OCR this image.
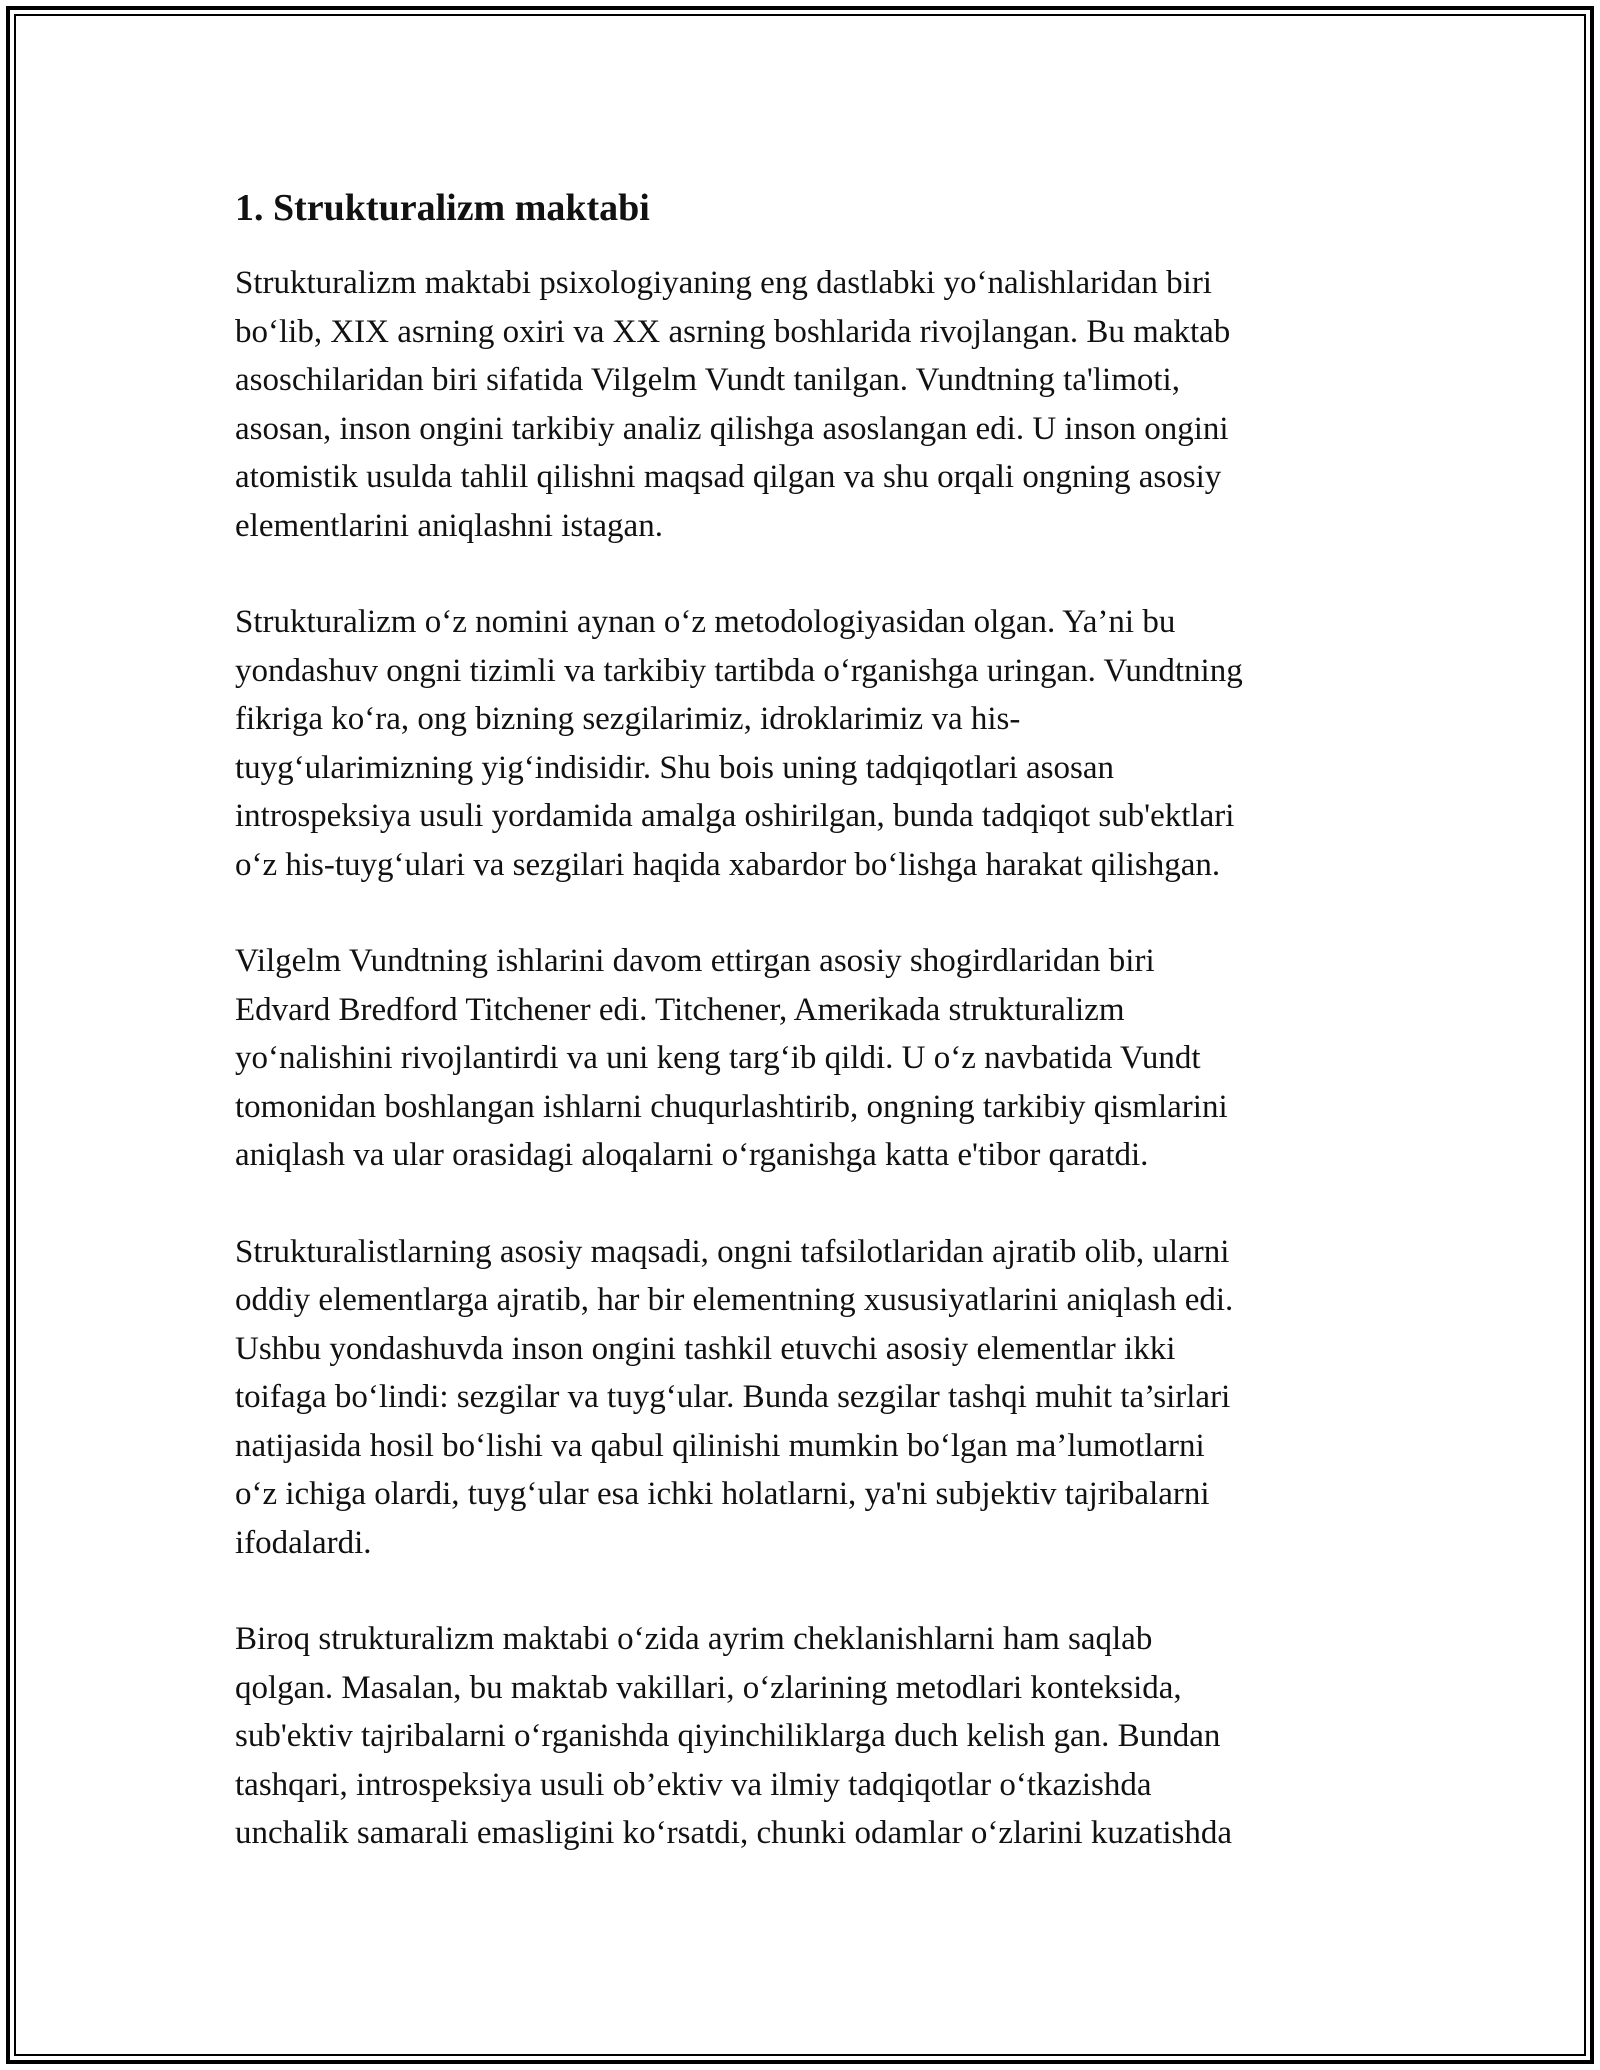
1. Strukturalizm maktabi
Strukturalizm maktabi psixologiyaning eng dastlabki yo‘nalishlaridan biri
bo‘lib, XIX asrning oxiri va XX asrning boshlarida rivojlangan. Bu maktab
asoschilaridan biri sifatida Vilgelm Vundt tanilgan. Vundtning ta'limoti,
asosan, inson ongini tarkibiy analiz qilishga asoslangan edi. U inson ongini
atomistik usulda tahlil qilishni maqsad qilgan va shu orqali ongning asosiy
elementlarini aniqlashni istagan.
Strukturalizm o‘z nomini aynan o‘z metodologiyasidan olgan. Ya’ni bu
yondashuv ongni tizimli va tarkibiy tartibda o‘rganishga uringan. Vundtning
fikriga ko‘ra, ong bizning sezgilarimiz, idroklarimiz va his-
tuyg‘ularimizning yig‘indisidir. Shu bois uning tadqiqotlari asosan
introspeksiya usuli yordamida amalga oshirilgan, bunda tadqiqot sub'ektlari
o‘z his-tuyg‘ulari va sezgilari haqida xabardor bo‘lishga harakat qilishgan.
Vilgelm Vundtning ishlarini davom ettirgan asosiy shogirdlaridan biri
Edvard Bredford Titchener edi. Titchener, Amerikada strukturalizm
yo‘nalishini rivojlantirdi va uni keng targ‘ib qildi. U o‘z navbatida Vundt
tomonidan boshlangan ishlarni chuqurlashtirib, ongning tarkibiy qismlarini
aniqlash va ular orasidagi aloqalarni o‘rganishga katta e'tibor qaratdi.
Strukturalistlarning asosiy maqsadi, ongni tafsilotlaridan ajratib olib, ularni
oddiy elementlarga ajratib, har bir elementning xususiyatlarini aniqlash edi.
Ushbu yondashuvda inson ongini tashkil etuvchi asosiy elementlar ikki
toifaga bo‘lindi: sezgilar va tuyg‘ular. Bunda sezgilar tashqi muhit ta’sirlari
natijasida hosil bo‘lishi va qabul qilinishi mumkin bo‘lgan ma’lumotlarni
o‘z ichiga olardi, tuyg‘ular esa ichki holatlarni, ya'ni subjektiv tajribalarni
ifodalardi.
Biroq strukturalizm maktabi o‘zida ayrim cheklanishlarni ham saqlab
qolgan. Masalan, bu maktab vakillari, o‘zlarining metodlari konteksida,
sub'ektiv tajribalarni o‘rganishda qiyinchiliklarga duch kelish gan. Bundan
tashqari, introspeksiya usuli ob’ektiv va ilmiy tadqiqotlar o‘tkazishda
unchalik samarali emasligini ko‘rsatdi, chunki odamlar o‘zlarini kuzatishda
